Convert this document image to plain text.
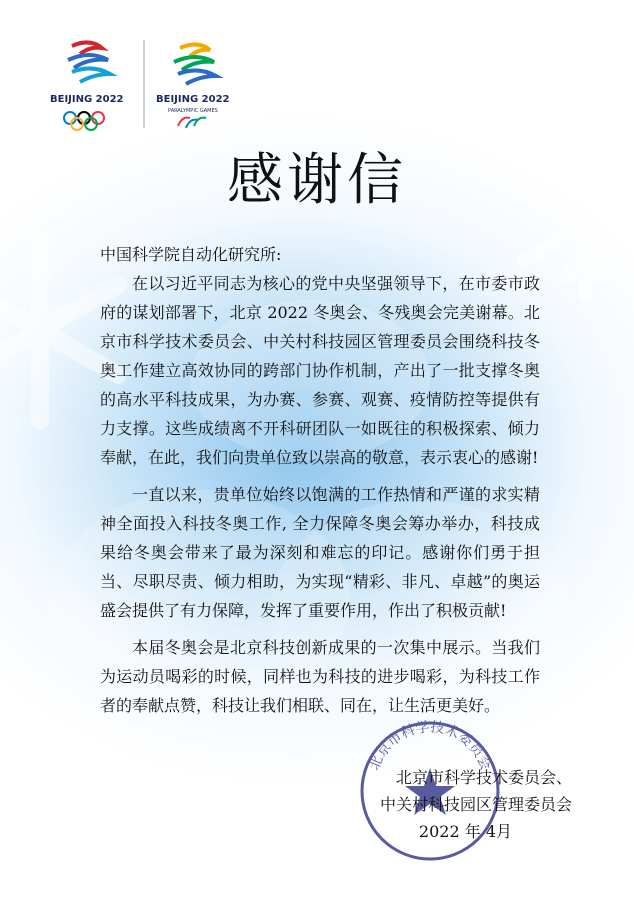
BEIJING 2022	BEIJING 2022
PARALYMPIC GAMES
感谢信

中国科学院自动化研究所:

在以习近平同志为核心的党中央坚强领导下，在市委市政府的谋划部署下，北京 2022 冬奥会、冬残奥会完美谢幕。北京市科学技术委员会、中关村科技园区管理委员会围绕科技冬奥工作建立高效协同的跨部门协作机制，产出了一批支撑冬奥的高水平科技成果，为办赛、参赛、观赛、疫情防控等提供有力支撑。这些成绩离不开科研团队一如既往的积极探索、倾力奉献，在此，我们向贵单位致以崇高的敬意，表示衷心的感谢!

一直以来，贵单位始终以饱满的工作热情和严谨的求实精神全面投入科技冬奥工作, 全力保障冬奥会筹办举办，科技成果给冬奥会带来了最为深刻和难忘的印记。感谢你们勇于担当、尽职尽责、倾力相助，为实现“精彩、非凡、卓越”的奥运盛会提供了有力保障，发挥了重要作用，作出了积极贡献!

本届冬奥会是北京科技创新成果的一次集中展示。当我们为运动员喝彩的时候，同样也为科技的进步喝彩，为科技工作者的奉献点赞，科技让我们相联、同在，让生活更美好。

北京市科学技术委员会
北京市科学技术委员会、
中关村科技园区管理委员会
2022 年 4月
